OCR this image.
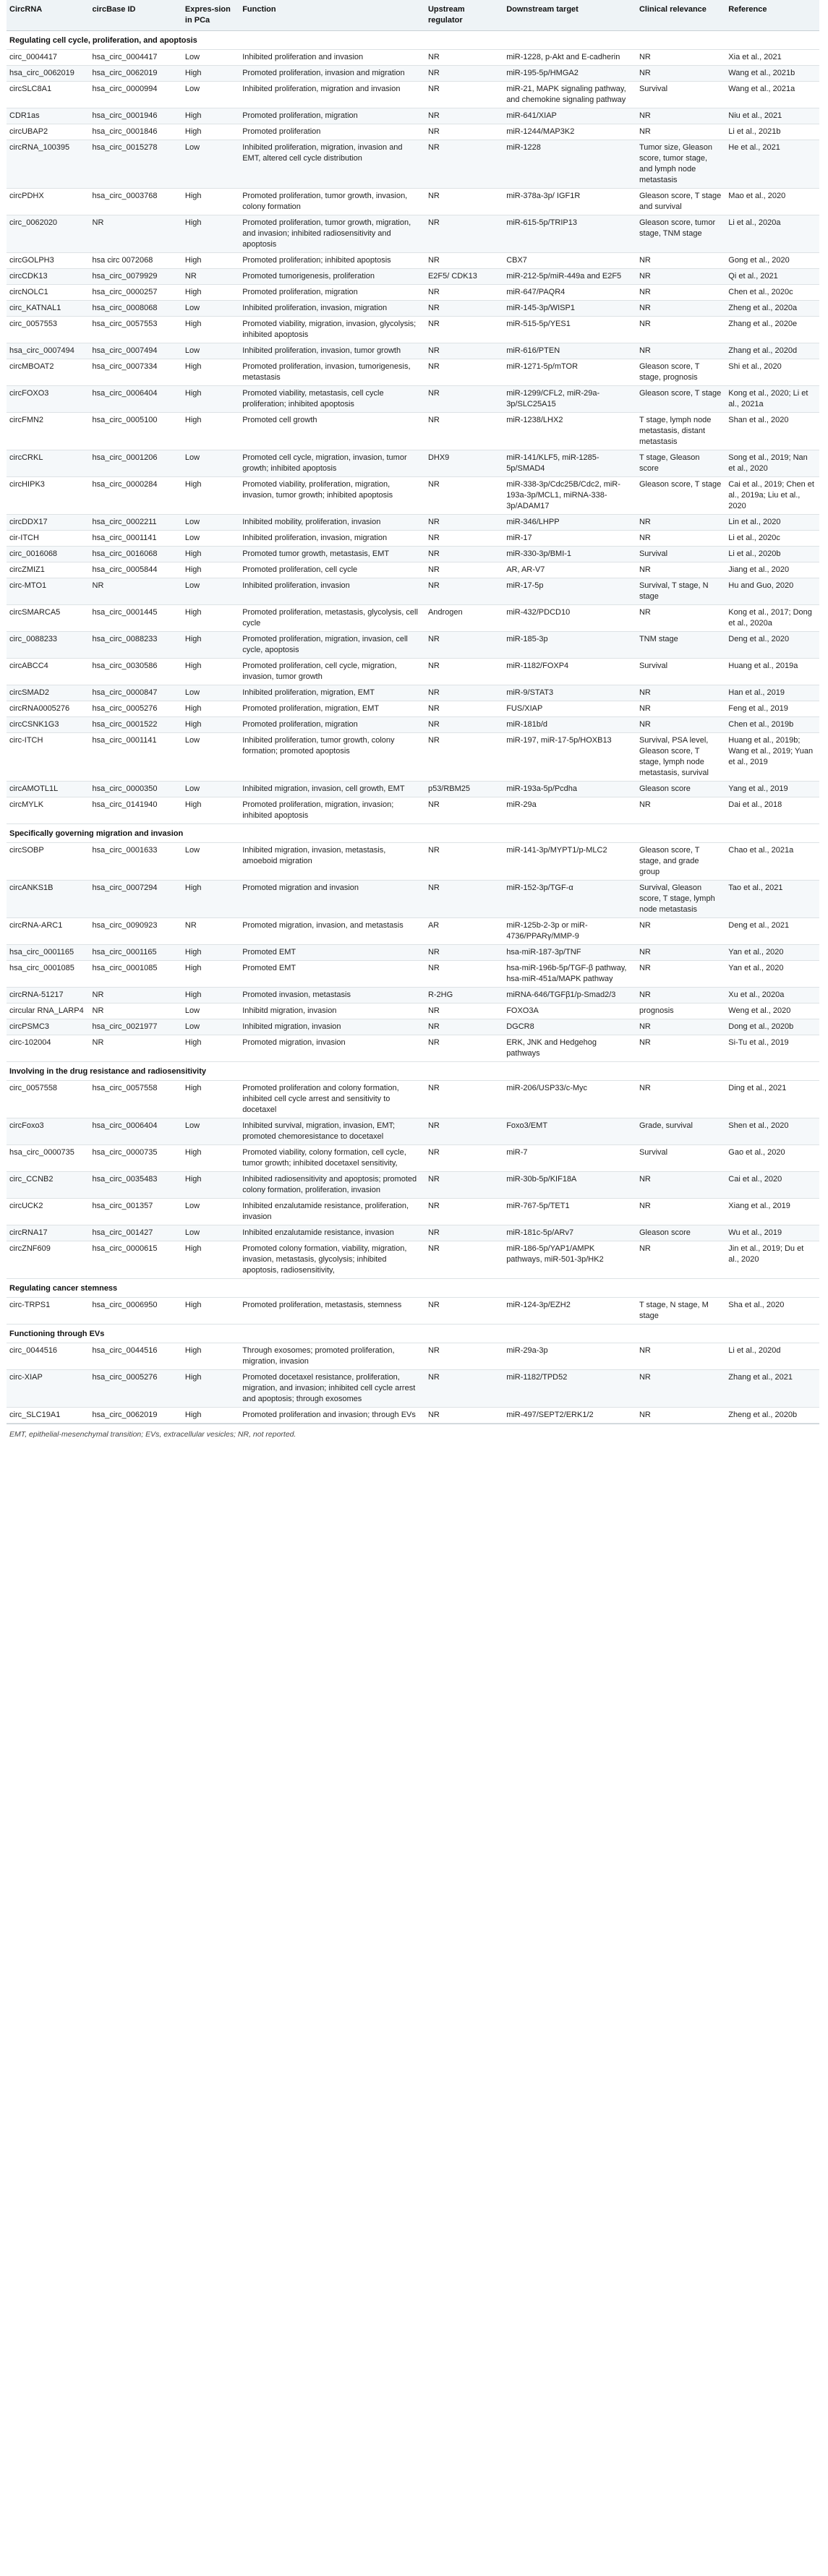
CircRNA	circBase ID	Expres-sion in PCa	Function	Upstream regulator	Downstream target	Clinical relevance	Reference
Regulating cell cycle, proliferation, and apoptosis							
circ_0004417	hsa_circ_0004417	Low	Inhibited proliferation and invasion	NR	miR-1228, p-Akt and E-cadherin	NR	Xia et al., 2021
hsa_circ_0062019	hsa_circ_0062019	High	Promoted proliferation, invasion and migration	NR	miR-195-5p/HMGA2	NR	Wang et al., 2021b
circSLC8A1	hsa_circ_0000994	Low	Inhibited proliferation, migration and invasion	NR	miR-21, MAPK signaling pathway, and chemokine signaling pathway	Survival	Wang et al., 2021a
CDR1as	hsa_circ_0001946	High	Promoted proliferation, migration	NR	miR-641/XIAP	NR	Niu et al., 2021
circUBAP2	hsa_circ_0001846	High	Promoted proliferation	NR	miR-1244/MAP3K2	NR	Li et al., 2021b
circRNA_100395	hsa_circ_0015278	Low	Inhibited proliferation, migration, invasion and EMT, altered cell cycle distribution	NR	miR-1228	Tumor size, Gleason score, tumor stage, and lymph node metastasis	He et al., 2021
circPDHX	hsa_circ_0003768	High	Promoted proliferation, tumor growth, invasion, colony formation	NR	miR-378a-3p/ IGF1R	Gleason score, T stage and survival	Mao et al., 2020
circ_0062020	NR	High	Promoted proliferation, tumor growth, migration, and invasion; inhibited radiosensitivity and apoptosis	NR	miR-615-5p/TRIP13	Gleason score, tumor stage, TNM stage	Li et al., 2020a
circGOLPH3	hsa circ 0072068	High	Promoted proliferation; inhibited apoptosis	NR	CBX7	NR	Gong et al., 2020
circCDK13	hsa_circ_0079929	NR	Promoted tumorigenesis, proliferation	E2F5/ CDK13	miR-212-5p/miR-449a and E2F5	NR	Qi et al., 2021
circNOLC1	hsa_circ_0000257	High	Promoted proliferation, migration	NR	miR-647/PAQR4	NR	Chen et al., 2020c
circ_KATNAL1	hsa_circ_0008068	Low	Inhibited proliferation, invasion, migration	NR	miR-145-3p/WISP1	NR	Zheng et al., 2020a
circ_0057553	hsa_circ_0057553	High	Promoted viability, migration, invasion, glycolysis; inhibited apoptosis	NR	miR-515-5p/YES1	NR	Zhang et al., 2020e
hsa_circ_0007494	hsa_circ_0007494	Low	Inhibited proliferation, invasion, tumor growth	NR	miR-616/PTEN	NR	Zhang et al., 2020d
circMBOAT2	hsa_circ_0007334	High	Promoted proliferation, invasion, tumorigenesis, metastasis	NR	miR-1271-5p/mTOR	Gleason score, T stage, prognosis	Shi et al., 2020
circFOXO3	hsa_circ_0006404	High	Promoted viability, metastasis, cell cycle proliferation; inhibited apoptosis	NR	miR-1299/CFL2, miR-29a-3p/SLC25A15	Gleason score, T stage	Kong et al., 2020; Li et al., 2021a
circFMN2	hsa_circ_0005100	High	Promoted cell growth	NR	miR-1238/LHX2	T stage, lymph node metastasis, distant metastasis	Shan et al., 2020
circCRKL	hsa_circ_0001206	Low	Promoted cell cycle, migration, invasion, tumor growth; inhibited apoptosis	DHX9	miR-141/KLF5, miR-1285-5p/SMAD4	T stage, Gleason score	Song et al., 2019; Nan et al., 2020
circHIPK3	hsa_circ_0000284	High	Promoted viability, proliferation, migration, invasion, tumor growth; inhibited apoptosis	NR	miR-338-3p/Cdc25B/Cdc2, miR-193a-3p/MCL1, miRNA-338-3p/ADAM17	Gleason score, T stage	Cai et al., 2019; Chen et al., 2019a; Liu et al., 2020
circDDX17	hsa_circ_0002211	Low	Inhibited mobility, proliferation, invasion	NR	miR-346/LHPP	NR	Lin et al., 2020
cir-ITCH	hsa_circ_0001141	Low	Inhibited proliferation, invasion, migration	NR	miR-17	NR	Li et al., 2020c
circ_0016068	hsa_circ_0016068	High	Promoted tumor growth, metastasis, EMT	NR	miR-330-3p/BMI-1	Survival	Li et al., 2020b
circZMIZ1	hsa_circ_0005844	High	Promoted proliferation, cell cycle	NR	AR, AR-V7	NR	Jiang et al., 2020
circ-MTO1	NR	Low	Inhibited proliferation, invasion	NR	miR-17-5p	Survival, T stage, N stage	Hu and Guo, 2020
circSMARCA5	hsa_circ_0001445	High	Promoted proliferation, metastasis, glycolysis, cell cycle	Androgen	miR-432/PDCD10	NR	Kong et al., 2017; Dong et al., 2020a
circ_0088233	hsa_circ_0088233	High	Promoted proliferation, migration, invasion, cell cycle, apoptosis	NR	miR-185-3p	TNM stage	Deng et al., 2020
circABCC4	hsa_circ_0030586	High	Promoted proliferation, cell cycle, migration, invasion, tumor growth	NR	miR-1182/FOXP4	Survival	Huang et al., 2019a
circSMAD2	hsa_circ_0000847	Low	Inhibited proliferation, migration, EMT	NR	miR-9/STAT3	NR	Han et al., 2019
circRNA0005276	hsa_circ_0005276	High	Promoted proliferation, migration, EMT	NR	FUS/XIAP	NR	Feng et al., 2019
circCSNK1G3	hsa_circ_0001522	High	Promoted proliferation, migration	NR	miR-181b/d	NR	Chen et al., 2019b
circ-ITCH	hsa_circ_0001141	Low	Inhibited proliferation, tumor growth, colony formation; promoted apoptosis	NR	miR-197, miR-17-5p/HOXB13	Survival, PSA level, Gleason score, T stage, lymph node metastasis, survival	Huang et al., 2019b; Wang et al., 2019; Yuan et al., 2019
circAMOTL1L	hsa_circ_0000350	Low	Inhibited migration, invasion, cell growth, EMT	p53/RBM25	miR-193a-5p/Pcdha	Gleason score	Yang et al., 2019
circMYLK	hsa_circ_0141940	High	Promoted proliferation, migration, invasion; inhibited apoptosis	NR	miR-29a	NR	Dai et al., 2018
Specifically governing migration and invasion							
circSOBP	hsa_circ_0001633	Low	Inhibited migration, invasion, metastasis, amoeboid migration	NR	miR-141-3p/MYPT1/p-MLC2	Gleason score, T stage, and grade group	Chao et al., 2021a
circANKS1B	hsa_circ_0007294	High	Promoted migration and invasion	NR	miR-152-3p/TGF-α	Survival, Gleason score, T stage, lymph node metastasis	Tao et al., 2021
circRNA-ARC1	hsa_circ_0090923	NR	Promoted migration, invasion, and metastasis	AR	miR-125b-2-3p or miR-4736/PPARγ/MMP-9	NR	Deng et al., 2021
hsa_circ_0001165	hsa_circ_0001165	High	Promoted EMT	NR	hsa-miR-187-3p/TNF	NR	Yan et al., 2020
hsa_circ_0001085	hsa_circ_0001085	High	Promoted EMT	NR	hsa-miR-196b-5p/TGF-β pathway, hsa-miR-451a/MAPK pathway	NR	Yan et al., 2020
circRNA-51217	NR	High	Promoted invasion, metastasis	R-2HG	miRNA-646/TGFβ1/p-Smad2/3	NR	Xu et al., 2020a
circular RNA_LARP4	NR	Low	Inhibitd migration, invasion	NR	FOXO3A	prognosis	Weng et al., 2020
circPSMC3	hsa_circ_0021977	Low	Inhibited migration, invasion	NR	DGCR8	NR	Dong et al., 2020b
circ-102004	NR	High	Promoted migration, invasion	NR	ERK, JNK and Hedgehog pathways	NR	Si-Tu et al., 2019
Involving in the drug resistance and radiosensitivity							
circ_0057558	hsa_circ_0057558	High	Promoted proliferation and colony formation, inhibited cell cycle arrest and sensitivity to docetaxel	NR	miR-206/USP33/c-Myc	NR	Ding et al., 2021
circFoxo3	hsa_circ_0006404	Low	Inhibited survival, migration, invasion, EMT; promoted chemoresistance to docetaxel	NR	Foxo3/EMT	Grade, survival	Shen et al., 2020
hsa_circ_0000735	hsa_circ_0000735	High	Promoted viability, colony formation, cell cycle, tumor growth; inhibited docetaxel sensitivity,	NR	miR-7	Survival	Gao et al., 2020
circ_CCNB2	hsa_circ_0035483	High	Inhibited radiosensitivity and apoptosis; promoted colony formation, proliferation, invasion	NR	miR-30b-5p/KIF18A	NR	Cai et al., 2020
circUCK2	hsa_circ_001357	Low	Inhibited enzalutamide resistance, proliferation, invasion	NR	miR-767-5p/TET1	NR	Xiang et al., 2019
circRNA17	hsa_circ_001427	Low	Inhibited enzalutamide resistance, invasion	NR	miR-181c-5p/ARv7	Gleason score	Wu et al., 2019
circZNF609	hsa_circ_0000615	High	Promoted colony formation, viability, migration, invasion, metastasis, glycolysis; inhibited apoptosis, radiosensitivity,	NR	miR-186-5p/YAP1/AMPK pathways, miR-501-3p/HK2	NR	Jin et al., 2019; Du et al., 2020
Regulating cancer stemness							
circ-TRPS1	hsa_circ_0006950	High	Promoted proliferation, metastasis, stemness	NR	miR-124-3p/EZH2	T stage, N stage, M stage	Sha et al., 2020
Functioning through EVs							
circ_0044516	hsa_circ_0044516	High	Through exosomes; promoted proliferation, migration, invasion	NR	miR-29a-3p	NR	Li et al., 2020d
circ-XIAP	hsa_circ_0005276	High	Promoted docetaxel resistance, proliferation, migration, and invasion; inhibited cell cycle arrest and apoptosis; through exosomes	NR	miR-1182/TPD52	NR	Zhang et al., 2021
circ_SLC19A1	hsa_circ_0062019	High	Promoted proliferation and invasion; through EVs	NR	miR-497/SEPT2/ERK1/2	NR	Zheng et al., 2020b
EMT, epithelial-mesenchymal transition; EVs, extracellular vesicles; NR, not reported.
